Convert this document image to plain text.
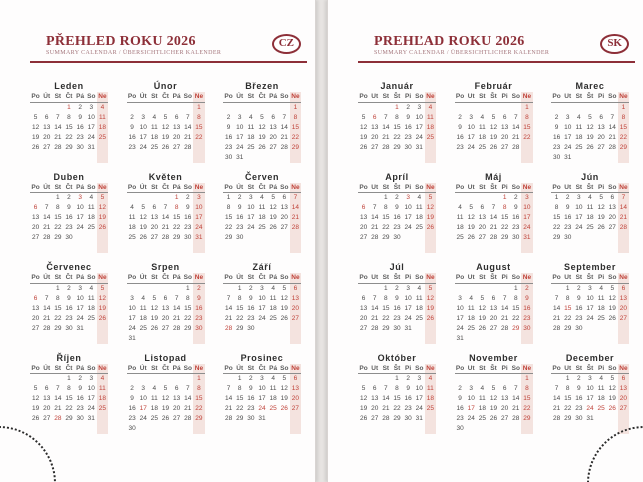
CZ
PŘEHLED ROKU 2026
SUMMARY CALENDAR / ÜBERSICHTLICHER KALENDER
Leden
Po	Út	St	Čt	Pá	So	Ne
			1	2	3	4
5	6	7	8	9	10	11
12	13	14	15	16	17	18
19	20	21	22	23	24	25
26	27	28	29	30	31	

Únor
Po	Út	St	Čt	Pá	So	Ne
						1
2	3	4	5	6	7	8
9	10	11	12	13	14	15
16	17	18	19	20	21	22
23	24	25	26	27	28	

Březen
Po	Út	St	Čt	Pá	So	Ne
						1
2	3	4	5	6	7	8
9	10	11	12	13	14	15
16	17	18	19	20	21	22
23	24	25	26	27	28	29
30	31					
Duben
Po	Út	St	Čt	Pá	So	Ne
		1	2	3	4	5
6	7	8	9	10	11	12
13	14	15	16	17	18	19
20	21	22	23	24	25	26
27	28	29	30			

Květen
Po	Út	St	Čt	Pá	So	Ne
				1	2	3
4	5	6	7	8	9	10
11	12	13	14	15	16	17
18	19	20	21	22	23	24
25	26	27	28	29	30	31

Červen
Po	Út	St	Čt	Pá	So	Ne
1	2	3	4	5	6	7
8	9	10	11	12	13	14
15	16	17	18	19	20	21
22	23	24	25	26	27	28
29	30					

Červenec
Po	Út	St	Čt	Pá	So	Ne
		1	2	3	4	5
6	7	8	9	10	11	12
13	14	15	16	17	18	19
20	21	22	23	24	25	26
27	28	29	30	31		

Srpen
Po	Út	St	Čt	Pá	So	Ne
					1	2
3	4	5	6	7	8	9
10	11	12	13	14	15	16
17	18	19	20	21	22	23
24	25	26	27	28	29	30
31						
Září
Po	Út	St	Čt	Pá	So	Ne
	1	2	3	4	5	6
7	8	9	10	11	12	13
14	15	16	17	18	19	20
21	22	23	24	25	26	27
28	29	30				

Říjen
Po	Út	St	Čt	Pá	So	Ne
			1	2	3	4
5	6	7	8	9	10	11
12	13	14	15	16	17	18
19	20	21	22	23	24	25
26	27	28	29	30	31	

Listopad
Po	Út	St	Čt	Pá	So	Ne
						1
2	3	4	5	6	7	8
9	10	11	12	13	14	15
16	17	18	19	20	21	22
23	24	25	26	27	28	29
30						
Prosinec
Po	Út	St	Čt	Pá	So	Ne
	1	2	3	4	5	6
7	8	9	10	11	12	13
14	15	16	17	18	19	20
21	22	23	24	25	26	27
28	29	30	31			

SK
PREHĽAD ROKU 2026
SUMMARY CALENDAR / ÜBERSICHTLICHER KALENDER
Január
Po	Ut	St	Št	Pi	So	Ne
			1	2	3	4
5	6	7	8	9	10	11
12	13	14	15	16	17	18
19	20	21	22	23	24	25
26	27	28	29	30	31	

Február
Po	Ut	St	Št	Pi	So	Ne
						1
2	3	4	5	6	7	8
9	10	11	12	13	14	15
16	17	18	19	20	21	22
23	24	25	26	27	28	

Marec
Po	Ut	St	Št	Pi	So	Ne
						1
2	3	4	5	6	7	8
9	10	11	12	13	14	15
16	17	18	19	20	21	22
23	24	25	26	27	28	29
30	31					
Apríl
Po	Ut	St	Št	Pi	So	Ne
		1	2	3	4	5
6	7	8	9	10	11	12
13	14	15	16	17	18	19
20	21	22	23	24	25	26
27	28	29	30			

Máj
Po	Ut	St	Št	Pi	So	Ne
				1	2	3
4	5	6	7	8	9	10
11	12	13	14	15	16	17
18	19	20	21	22	23	24
25	26	27	28	29	30	31

Jún
Po	Ut	St	Št	Pi	So	Ne
1	2	3	4	5	6	7
8	9	10	11	12	13	14
15	16	17	18	19	20	21
22	23	24	25	26	27	28
29	30					

Júl
Po	Ut	St	Št	Pi	So	Ne
		1	2	3	4	5
6	7	8	9	10	11	12
13	14	15	16	17	18	19
20	21	22	23	24	25	26
27	28	29	30	31		

August
Po	Ut	St	Št	Pi	So	Ne
					1	2
3	4	5	6	7	8	9
10	11	12	13	14	15	16
17	18	19	20	21	22	23
24	25	26	27	28	29	30
31						
September
Po	Ut	St	Št	Pi	So	Ne
	1	2	3	4	5	6
7	8	9	10	11	12	13
14	15	16	17	18	19	20
21	22	23	24	25	26	27
28	29	30				

Október
Po	Ut	St	Št	Pi	So	Ne
			1	2	3	4
5	6	7	8	9	10	11
12	13	14	15	16	17	18
19	20	21	22	23	24	25
26	27	28	29	30	31	

November
Po	Ut	St	Št	Pi	So	Ne
						1
2	3	4	5	6	7	8
9	10	11	12	13	14	15
16	17	18	19	20	21	22
23	24	25	26	27	28	29
30						
December
Po	Ut	St	Št	Pi	So	Ne
	1	2	3	4	5	6
7	8	9	10	11	12	13
14	15	16	17	18	19	20
21	22	23	24	25	26	27
28	29	30	31			
